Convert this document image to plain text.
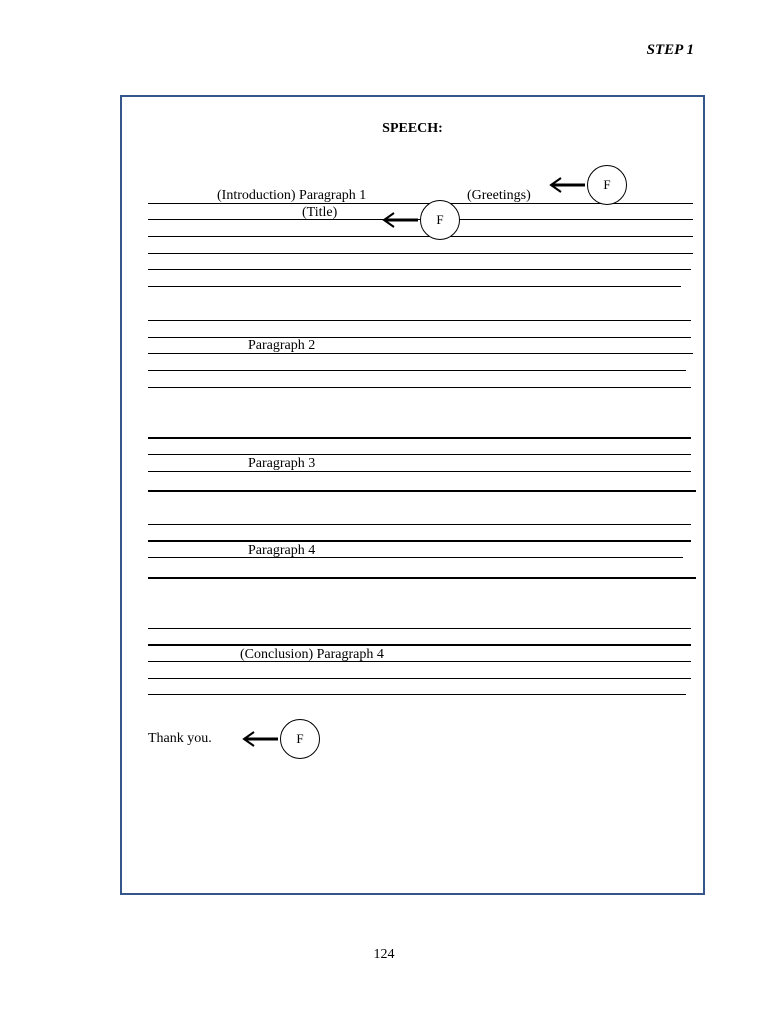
STEP 1
SPEECH:
(Introduction) Paragraph 1	(Greetings)
(Title)
F
F
Paragraph 2
Paragraph 3
Paragraph 4
(Conclusion) Paragraph 4
Thank you.	F
124
